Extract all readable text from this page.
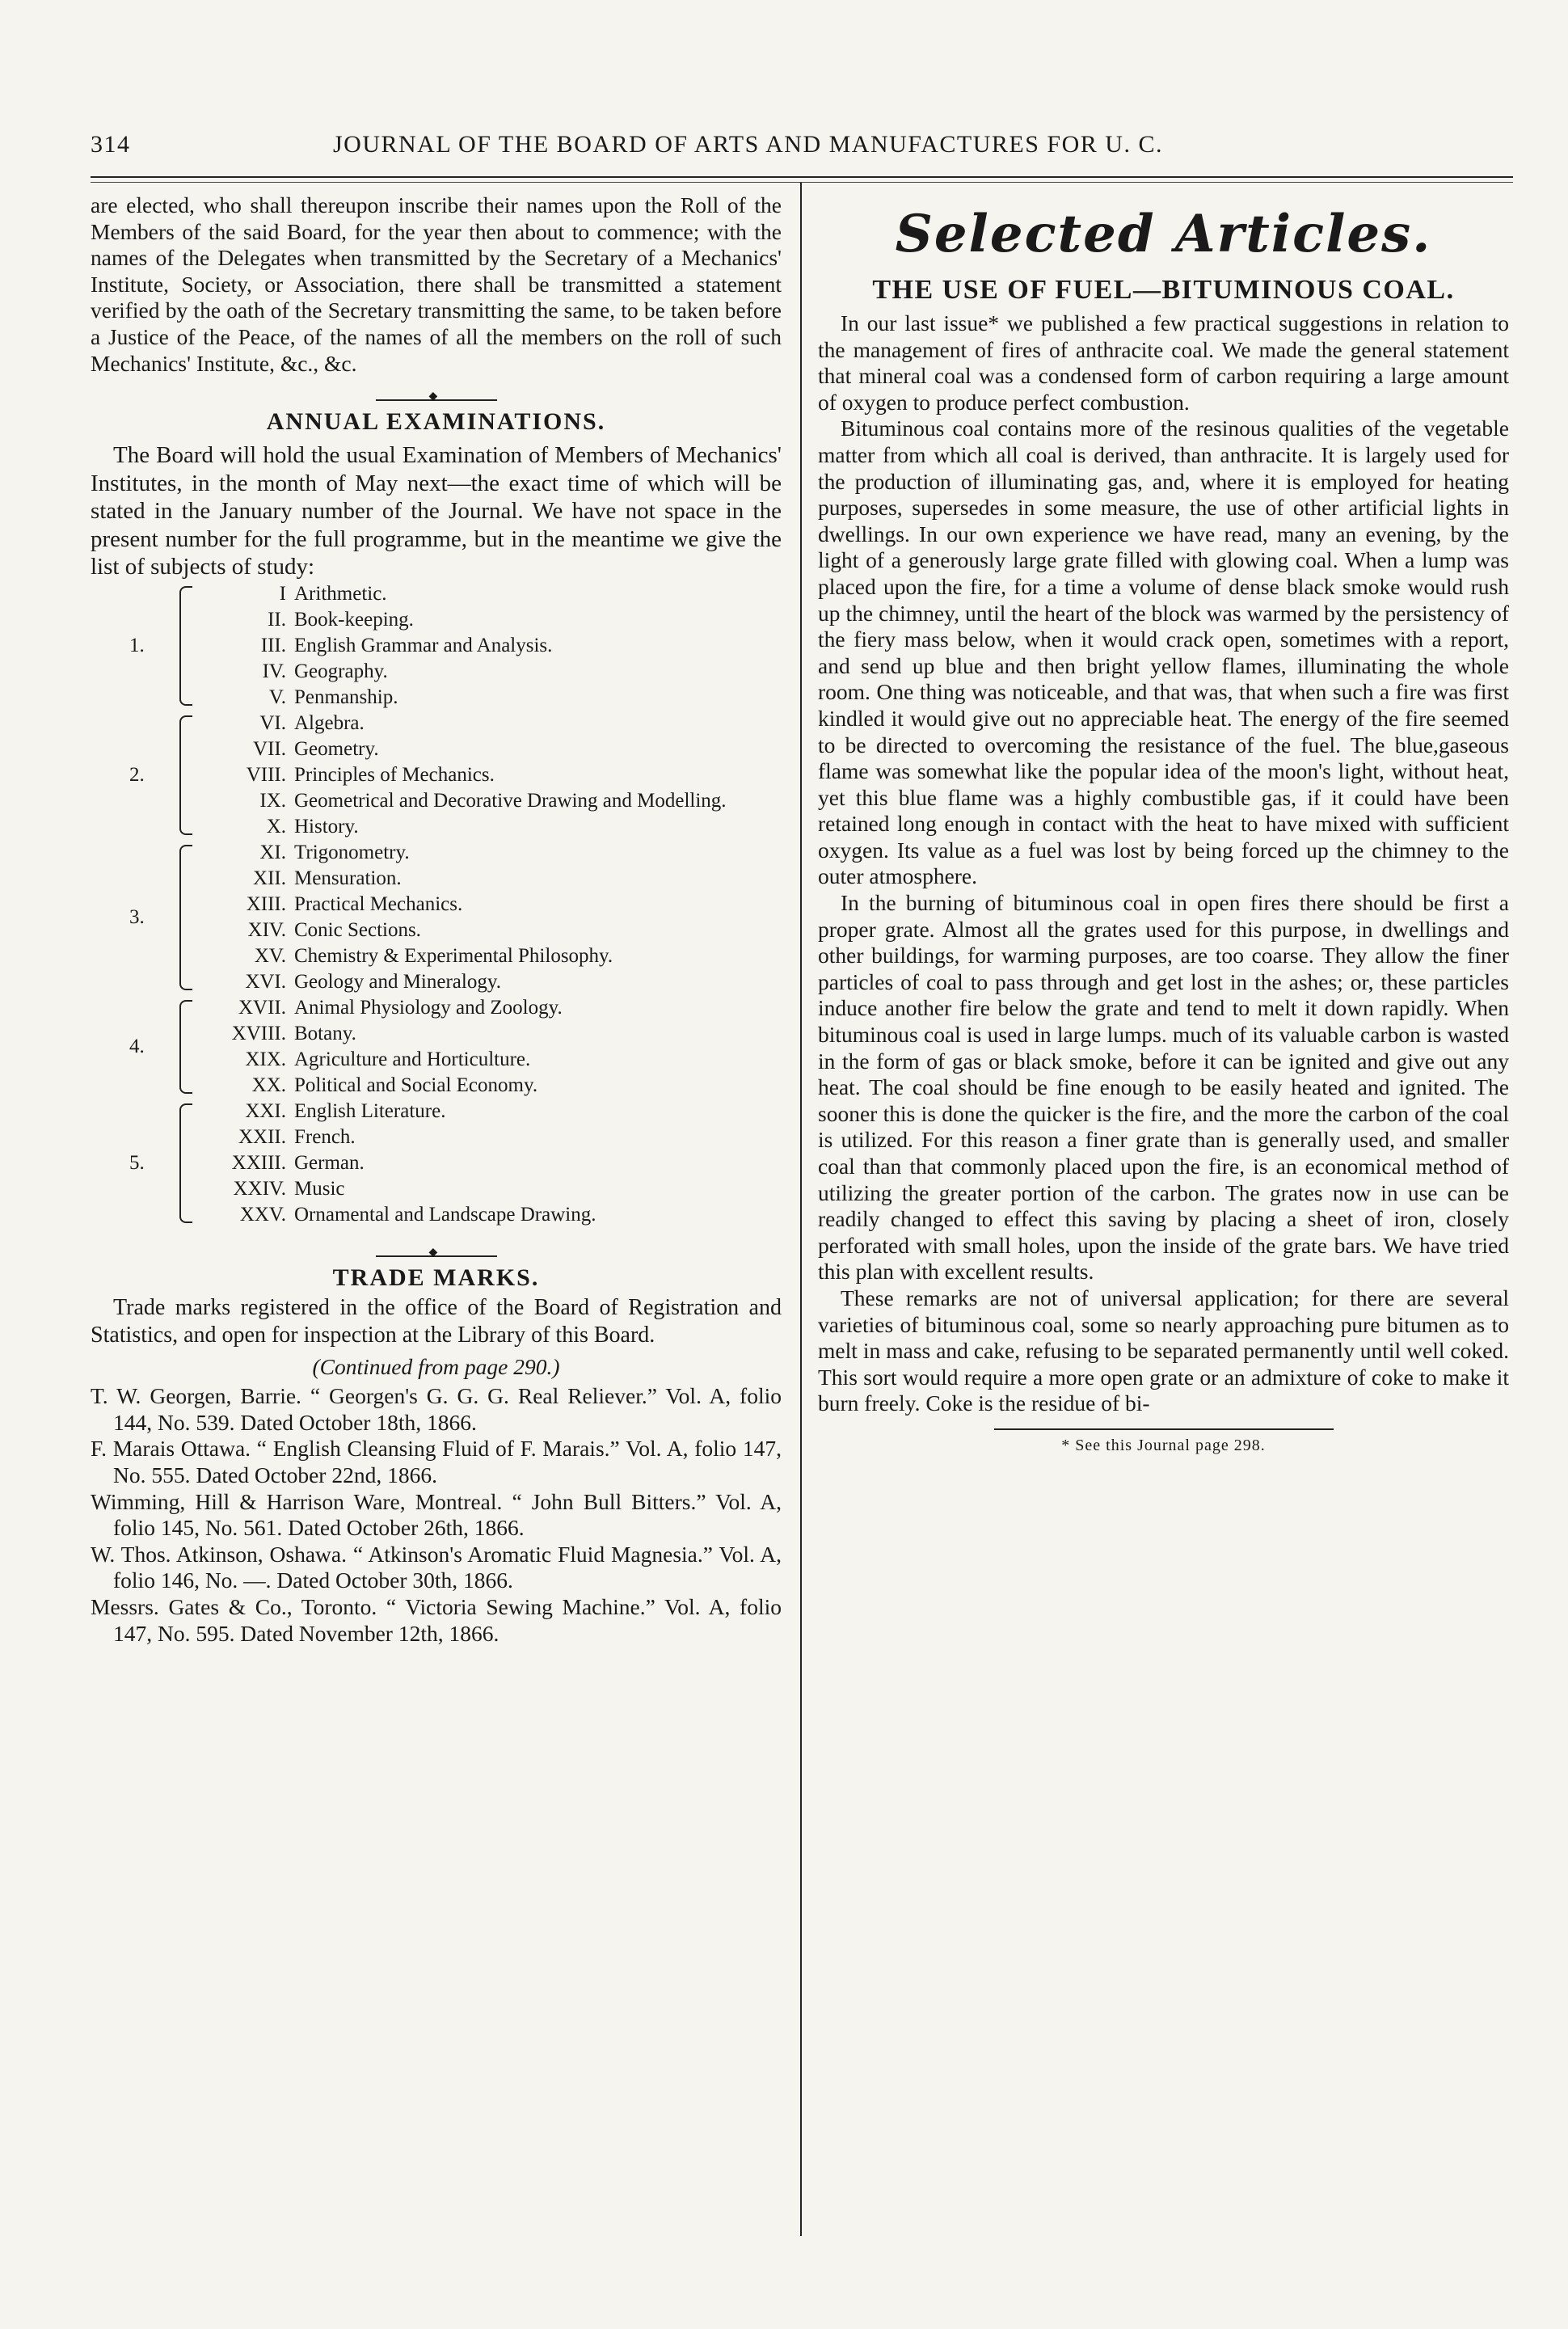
314	JOURNAL OF THE BOARD OF ARTS AND MANUFACTURES FOR U. C.

are elected, who shall thereupon inscribe their names upon the Roll of the Members of the said Board, for the year then about to commence; with the names of the Delegates when transmitted by the Secretary of a Mechanics' Institute, Society, or Association, there shall be transmitted a statement verified by the oath of the Secretary transmitting the same, to be taken before a Justice of the Peace, of the names of all the members on the roll of such Mechanics' Institute, &c., &c.

◆
ANNUAL EXAMINATIONS.

The Board will hold the usual Examination of Members of Mechanics' Institutes, in the month of May next—the exact time of which will be stated in the January number of the Journal. We have not space in the present number for the full programme, but in the meantime we give the list of subjects of study:

1.
I Arithmetic.
II. Book-keeping.
III. English Grammar and Analysis.
IV. Geography.
V. Penmanship.
2.
VI. Algebra.
VII. Geometry.
VIII. Principles of Mechanics.
IX. Geometrical and Decorative Drawing and Modelling.
X. History.
3.
XI. Trigonometry.
XII. Mensuration.
XIII. Practical Mechanics.
XIV. Conic Sections.
XV. Chemistry & Experimental Philosophy.
XVI. Geology and Mineralogy.
4.
XVII. Animal Physiology and Zoology.
XVIII. Botany.
XIX. Agriculture and Horticulture.
XX. Political and Social Economy.
5.
XXI. English Literature.
XXII. French.
XXIII. German.
XXIV. Music
XXV. Ornamental and Landscape Drawing.
◆
TRADE MARKS.

Trade marks registered in the office of the Board of Registration and Statistics, and open for inspection at the Library of this Board.

(Continued from page 290.)

T. W. Georgen, Barrie. “ Georgen's G. G. G. Real Reliever.” Vol. A, folio 144, No. 539. Dated October 18th, 1866.

F. Marais Ottawa. “ English Cleansing Fluid of F. Marais.” Vol. A, folio 147, No. 555. Dated October 22nd, 1866.

Wimming, Hill & Harrison Ware, Montreal. “ John Bull Bitters.” Vol. A, folio 145, No. 561. Dated October 26th, 1866.

W. Thos. Atkinson, Oshawa. “ Atkinson's Aromatic Fluid Magnesia.” Vol. A, folio 146, No. —. Dated October 30th, 1866.

Messrs. Gates & Co., Toronto. “ Victoria Sewing Machine.” Vol. A, folio 147, No. 595. Dated November 12th, 1866.

Selected Articles.
THE USE OF FUEL—BITUMINOUS COAL.

In our last issue* we published a few practical suggestions in relation to the management of fires of anthracite coal. We made the general statement that mineral coal was a condensed form of carbon requiring a large amount of oxygen to produce perfect combustion.

Bituminous coal contains more of the resinous qualities of the vegetable matter from which all coal is derived, than anthracite. It is largely used for the production of illuminating gas, and, where it is employed for heating purposes, supersedes in some measure, the use of other artificial lights in dwellings. In our own experience we have read, many an evening, by the light of a generously large grate filled with glowing coal. When a lump was placed upon the fire, for a time a volume of dense black smoke would rush up the chimney, until the heart of the block was warmed by the persistency of the fiery mass below, when it would crack open, sometimes with a report, and send up blue and then bright yellow flames, illuminating the whole room. One thing was noticeable, and that was, that when such a fire was first kindled it would give out no appreciable heat. The energy of the fire seemed to be directed to overcoming the resistance of the fuel. The blue,gaseous flame was somewhat like the popular idea of the moon's light, without heat, yet this blue flame was a highly combustible gas, if it could have been retained long enough in contact with the heat to have mixed with sufficient oxygen. Its value as a fuel was lost by being forced up the chimney to the outer atmosphere.

In the burning of bituminous coal in open fires there should be first a proper grate. Almost all the grates used for this purpose, in dwellings and other buildings, for warming purposes, are too coarse. They allow the finer particles of coal to pass through and get lost in the ashes; or, these particles induce another fire below the grate and tend to melt it down rapidly. When bituminous coal is used in large lumps. much of its valuable carbon is wasted in the form of gas or black smoke, before it can be ignited and give out any heat. The coal should be fine enough to be easily heated and ignited. The sooner this is done the quicker is the fire, and the more the carbon of the coal is utilized. For this reason a finer grate than is generally used, and smaller coal than that commonly placed upon the fire, is an economical method of utilizing the greater portion of the carbon. The grates now in use can be readily changed to effect this saving by placing a sheet of iron, closely perforated with small holes, upon the inside of the grate bars. We have tried this plan with excellent results.

These remarks are not of universal application; for there are several varieties of bituminous coal, some so nearly approaching pure bitumen as to melt in mass and cake, refusing to be separated permanently until well coked. This sort would require a more open grate or an admixture of coke to make it burn freely. Coke is the residue of bi-

* See this Journal page 298.
